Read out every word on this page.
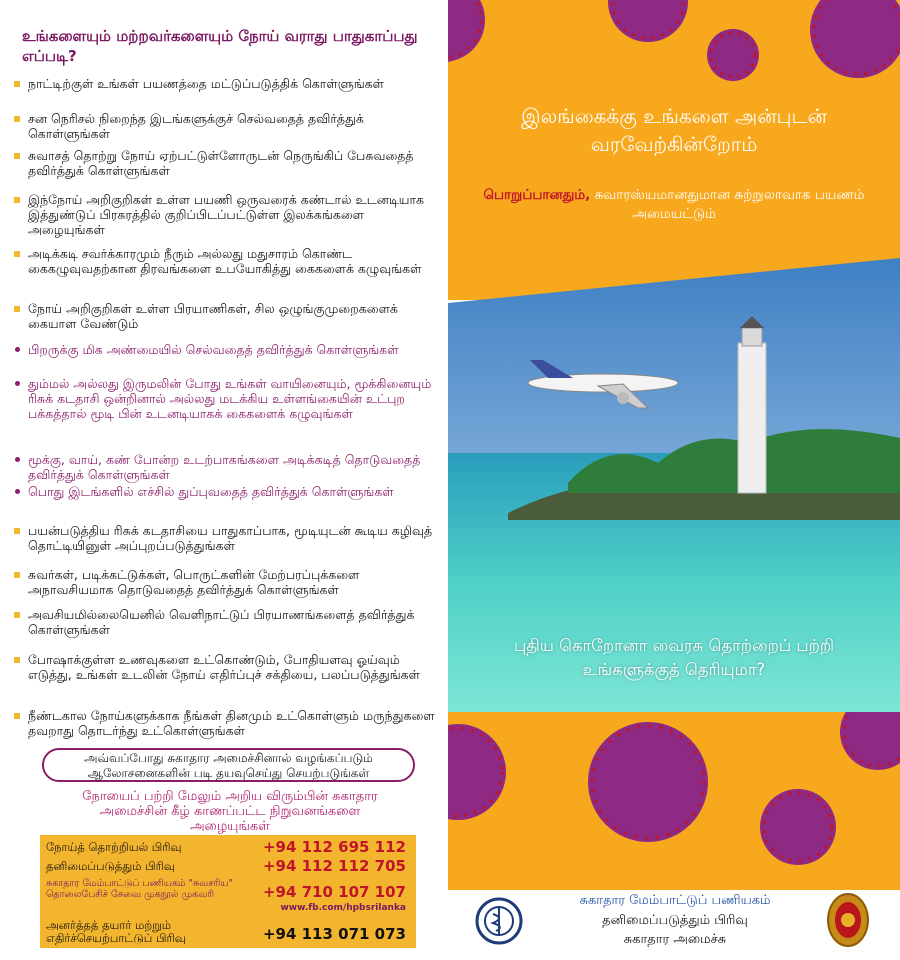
உங்களையும் மற்றவர்களையும் நோய் வராது பாதுகாப்பது எப்படி?
நாட்டிற்குள் உங்கள் பயணத்தை மட்டுப்படுத்திக் கொள்ளுங்கள்
சன நெரிசல் நிறைந்த இடங்களுக்குச் செல்வதைத் தவிர்த்துக் கொள்ளுங்கள்
சுவாசத் தொற்று நோய் ஏற்பட்டுள்ளோருடன் நெருங்கிப் பேசுவதைத் தவிர்த்துக் கொள்ளுங்கள்
இந்நோய் அறிகுறிகள் உள்ள பயணி ஒருவரைக் கண்டால் உடனடியாக இத்துண்டுப் பிரசுரத்தில் குறிப்பிடப்பட்டுள்ள இலக்கங்களை அழையுங்கள்
அடிக்கடி சவர்க்காரமும் நீரும் அல்லது மதுசாரம் கொண்ட கைகழுவுவதற்கான திரவங்களை உபயோகித்து கைகளைக் கழுவுங்கள்
நோய் அறிகுறிகள் உள்ள பிரயாணிகள், சில ஒழுங்குமுறைகளைக் கையாள வேண்டும்
பிறருக்கு மிக அண்மையில் செல்வதைத் தவிர்த்துக் கொள்ளுங்கள்
தும்மல் அல்லது இருமலின் போது உங்கள் வாயினையும், மூக்கினையும் ரிசுக் கடதாசி ஒன்றினால் அல்லது மடக்கிய உள்ளங்கையின் உட்புற பக்கத்தால் மூடி பின் உடனடியாகக் கைகளைக் கழுவுங்கள்
மூக்கு, வாய், கண் போன்ற உடற்பாகங்களை அடிக்கடித் தொடுவதைத் தவிர்த்துக் கொள்ளுங்கள்
பொது இடங்களில் எச்சில் துப்புவதைத் தவிர்த்துக் கொள்ளுங்கள்
பயன்படுத்திய ரிசுக் கடதாசியை பாதுகாப்பாக, மூடியுடன் கூடிய கழிவுத் தொட்டியினுள் அப்புறப்படுத்துங்கள்
சுவர்கள், படிக்கட்டுக்கள், பொருட்களின் மேற்பரப்புக்களை அநாவசியமாக தொடுவதைத் தவிர்த்துக் கொள்ளுங்கள்
அவசியமில்லையெனில் வெளிநாட்டுப் பிரயாணங்களைத் தவிர்த்துக் கொள்ளுங்கள்
போஷாக்குள்ள உணவுகளை உட்கொண்டும், போதியளவு ஓய்வும் எடுத்து, உங்கள் உடலின் நோய் எதிர்ப்புச் சக்தியை, பலப்படுத்துங்கள்
நீண்டகால நோய்களுக்காக நீங்கள் தினமும் உட்கொள்ளும் மருந்துகளை தவறாது தொடர்ந்து உட்கொள்ளுங்கள்
அவ்வப்போது சுகாதார அமைச்சினால் வழங்கப்படும் ஆலோசனைகளின் படி தயவுசெய்து செயற்படுங்கள்
நோயைப் பற்றி மேலும் அறிய விரும்பின் சுகாதார அமைச்சின் கீழ் காணப்பட்ட நிறுவனங்களை அழையுங்கள்
நோய்த் தொற்றியல் பிரிவு	+94 112 695 112
தனிமைப்படுத்தும் பிரிவு	+94 112 112 705
சுகாதார மேம்பாட்டுப் பணியகம் "சுவசரிய" தொலைபேசிச் சேவை முகநூல் முகவரி	+94 710 107 107
www.fb.com/hpbsrilanka
அனர்த்தத் தயார் மற்றும் எதிர்ச்செயற்பாட்டுப் பிரிவு	+94 113 071 073
இலங்கைக்கு உங்களை அன்புடன் வரவேற்கின்றோம்
பொறுப்பானதும், சுவாரஸ்யமானதுமான சுற்றுலாவாக பயணம் அமையட்டும்
புதிய கொறோனா வைரசு தொற்றைப் பற்றி உங்களுக்குத் தெரியுமா?
சுகாதார மேம்பாட்டுப் பணியகம்
தனிமைப்படுத்தும் பிரிவு
சுகாதார அமைச்சு
